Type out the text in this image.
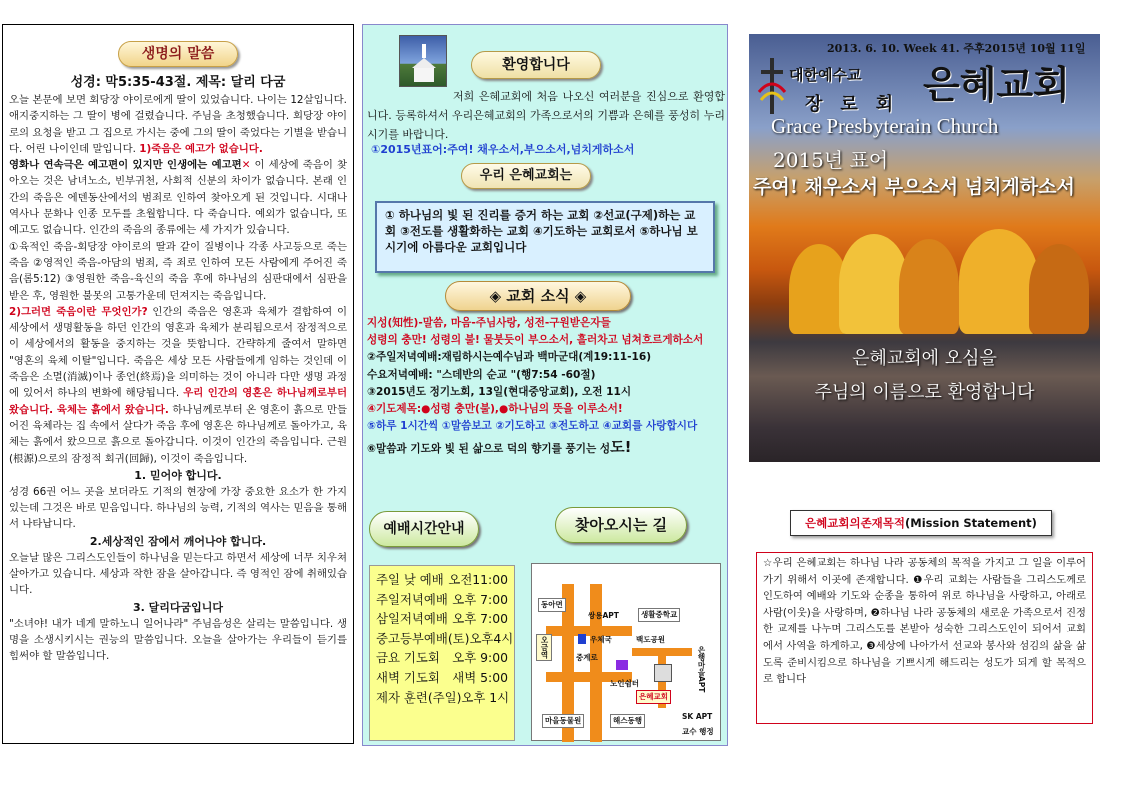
생명의 말씀
성경: 막5:35-43절. 제목: 달리 다굼

오늘 본문에 보면 회당장 야이로에게 딸이 있었습니다. 나이는 12살입니다. 애지중지하는 그 딸이 병에 걸렸습니다. 주님을 초청했습니다. 회당장 야이로의 요청을 받고 그 집으로 가시는 중에 그의 딸이 죽었다는 기별을 받습니다. 어린 나이인데 말입니다. 1)죽음은 예고가 없습니다.

영화나 연속극은 예고편이 있지만 인생에는 예고편✕ 이 세상에 죽음이 찾아오는 것은 남녀노소, 빈부귀천, 사회적 신분의 차이가 없습니다. 본래 인간의 죽음은 에덴동산에서의 범죄로 인하여 찾아오게 된 것입니다. 시대나 역사나 문화나 인종 모두를 초월합니다. 다 죽습니다. 예외가 없습니다, 또 예고도 없습니다. 인간의 죽음의 종류에는 세 가지가 있습니다.

①육적인 죽음-회당장 야이로의 딸과 같이 질병이나 각종 사고등으로 죽는 죽음 ②영적인 죽음-아담의 범죄, 즉 죄로 인하여 모든 사람에게 주어진 죽음(롬5:12) ③영원한 죽음-육신의 죽음 후에 하나님의 심판대에서 심판을 받은 후, 영원한 불못의 고통가운데 던져지는 죽음입니다.

2)그러면 죽음이란 무엇인가? 인간의 죽음은 영혼과 육체가 결합하여 이 세상에서 생명활동을 하던 인간의 영혼과 육체가 분리됨으로서 잠정적으로 이 세상에서의 활동을 중지하는 것을 뜻합니다. 간략하게 줄여서 말하면 "영혼의 육체 이탈"입니다. 죽음은 세상 모든 사람들에게 임하는 것인데 이 죽음은 소멸(消滅)이나 종언(終焉)을 의미하는 것이 아니라 다만 생명 과정에 있어서 하나의 변화에 해당됩니다. 우리 인간의 영혼은 하나님께로부터 왔습니다. 육체는 흙에서 왔습니다. 하나님께로부터 온 영혼이 흙으로 만들어진 육체라는 집 속에서 살다가 죽음 후에 영혼은 하나님께로 돌아가고, 육체는 흙에서 왔으므로 흙으로 돌아갑니다. 이것이 인간의 죽음입니다. 근원(根源)으로의 잠정적 회귀(回歸), 이것이 죽음입니다.

1. 믿어야 합니다.

성경 66권 어느 곳을 보더라도 기적의 현장에 가장 중요한 요소가 한 가지 있는데 그것은 바로 믿음입니다. 하나님의 능력, 기적의 역사는 믿음을 통해서 나타납니다.

2.세상적인 잠에서 깨어나야 합니다.

오늘날 많은 그리스도인들이 하나님을 믿는다고 하면서 세상에 너무 치우쳐 살아가고 있습니다. 세상과 작한 잠을 살아갑니다. 즉 영적인 잠에 취해있습니다.

3. 달리다굼입니다

"소녀야! 내가 네게 말하노니 일어나라" 주님음성은 살리는 말씀입니다. 생명을 소생시키시는 권능의 말씀입니다. 오늘을 살아가는 우리들이 듣기를 힘써야 할 말씀입니다.

환영합니다
저희 은혜교회에 처음 나오신 여러분을 진심으로 환영합니다. 등록하셔서 우리은혜교회의 가족으로서의 기쁨과 은혜를 풍성히 누리시기를 바랍니다.
①2015년표어:주여! 채우소서,부으소서,넘치게하소서
우리 은혜교회는
① 하나님의 빛 된 진리를 증거 하는 교회 ②선교(구제)하는 교회 ③전도를 생활화하는 교회 ④기도하는 교회로서 ⑤하나님 보시기에 아름다운 교회입니다
◈ 교회 소식 ◈
지성(知性)-말씀, 마음-주님사랑, 성전-구원받은자들
성령의 충만! 성령의 불! 물붓듯이 부으소서, 흘러차고 넘쳐흐르게하소서
②주일저녁예배:재림하시는예수님과 백마군대(계19:11-16)
수요저녁예배: "스데반의 순교 "(행7:54 -60절)
③2015년도 정기노회, 13일(현대중앙교회), 오전 11시
④기도제목:●성령 충만(불),●하나님의 뜻을 이루소서!
⑤하루 1시간씩 ①말씀보고 ②기도하고 ③전도하고 ④교회를 사랑합시다
⑥말씀과 기도와 빛 된 삶으로 덕의 향기를 풍기는 성도!
예배시간안내	찾아오시는 길
주일 낮 예배 오전11:00
주일저녁예배 오후 7:00
삼일저녁예배 오후 7:00
중고등부예배 (토)오후4시
금요 기도회 오후 9:00
새벽 기도회 새벽 5:00
제자 훈련(주일)오후 1시
동아면
쌍용APT	생활중학교
오금역	우체국	백도공원
중계로
노인쉼터
은혜교회
은행마을APT
SK APT
교수 행정
마을동물원	해스동행
2013. 6. 10. Week 41. 주후2015년 10월 11일
대한예수교
장로회 은혜교회
Grace Presbyterain Church
2015년 표어
주여! 채우소서 부으소서 넘치게하소서
은혜교회에 오심을
주님의 이름으로 환영합니다
은혜교회의존재목적(Mission Statement)
☆우리 은혜교회는 하나님 나라 공동체의 목적을 가지고 그 일을 이루어가기 위해서 이곳에 존재합니다. ❶우리 교회는 사람들을 그리스도께로 인도하여 예배와 기도와 순종을 통하여 위로 하나님을 사랑하고, 아래로 사람(이웃)을 사랑하며, ❷하나님 나라 공동체의 새로운 가족으로서 진정한 교제를 나누며 그리스도를 본받아 성숙한 그리스도인이 되어서 교회에서 사역을 하게하고, ❸세상에 나아가서 선교와 봉사와 섬김의 삶을 삶도록 준비시킴으로 하나님을 기쁘시게 해드리는 성도가 되게 할 목적으로 합니다
